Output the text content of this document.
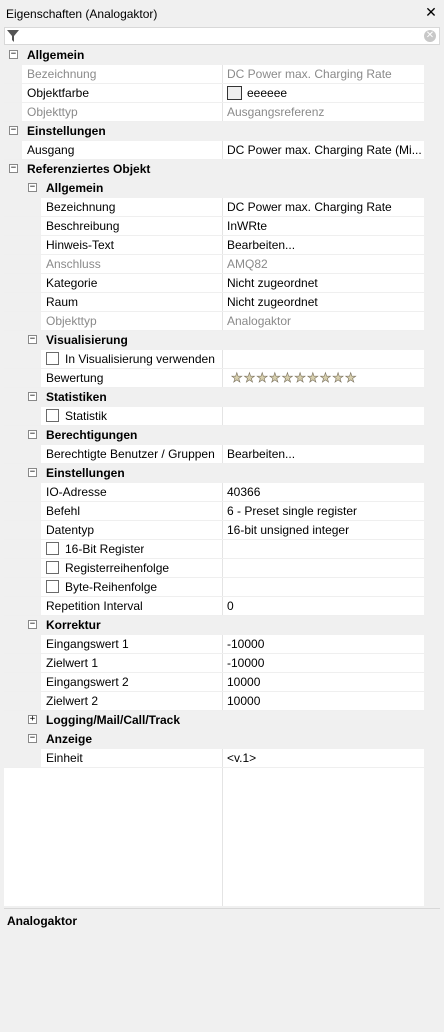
Eigenschaften (Analogaktor)	✕
✕
− Allgemein
Bezeichnung	DC Power max. Charging Rate
Objektfarbe	eeeeee
Objekttyp	Ausgangsreferenz
− Einstellungen
Ausgang	DC Power max. Charging Rate (Mi...
− Referenziertes Objekt
− Allgemein
Bezeichnung	DC Power max. Charging Rate
Beschreibung	InWRte
Hinweis-Text	Bearbeiten...
Anschluss	AMQ82
Kategorie	Nicht zugeordnet
Raum	Nicht zugeordnet
Objekttyp	Analogaktor
− Visualisierung
In Visualisierung verwenden
Bewertung	★ ★ ★ ★ ★ ★ ★ ★ ★ ★
− Statistiken
Statistik
− Berechtigungen
Berechtigte Benutzer / Gruppen Bearbeiten...
− Einstellungen
IO-Adresse	40366
Befehl	6 - Preset single register
Datentyp	16-bit unsigned integer
16-Bit Register
Registerreihenfolge
Byte-Reihenfolge
Repetition Interval	0
− Korrektur
Eingangswert 1	-10000
Zielwert 1	-10000
Eingangswert 2	10000
Zielwert 2	10000
+ Logging/Mail/Call/Track
− Anzeige
Einheit	<v.1>
Analogaktor
